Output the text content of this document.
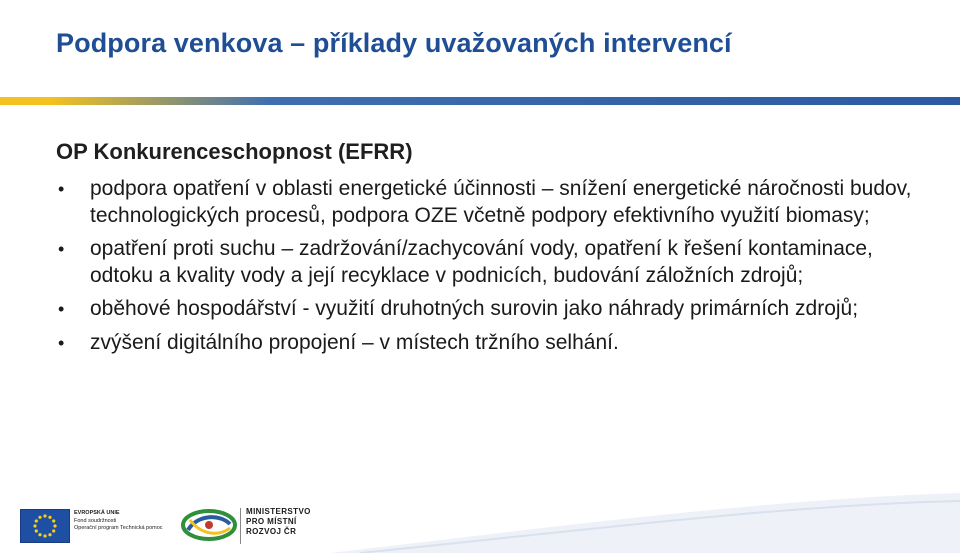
Podpora venkova – příklady uvažovaných intervencí
OP Konkurenceschopnost (EFRR)
• podpora opatření v oblasti energetické účinnosti – snížení energetické náročnosti budov, technologických procesů, podpora OZE včetně podpory efektivního využití biomasy;
• opatření proti suchu – zadržování/zachycování vody, opatření k řešení kontaminace, odtoku a kvality vody a její recyklace v podnicích, budování záložních zdrojů;
• oběhové hospodářství - využití druhotných surovin jako náhrady primárních zdrojů;
• zvýšení digitálního propojení – v místech tržního selhání.
EVROPSKÁ UNIE
Fond soudržnosti
Operační program Technická pomoc
MINISTERSTVO
PRO MÍSTNÍ
ROZVOJ ČR
